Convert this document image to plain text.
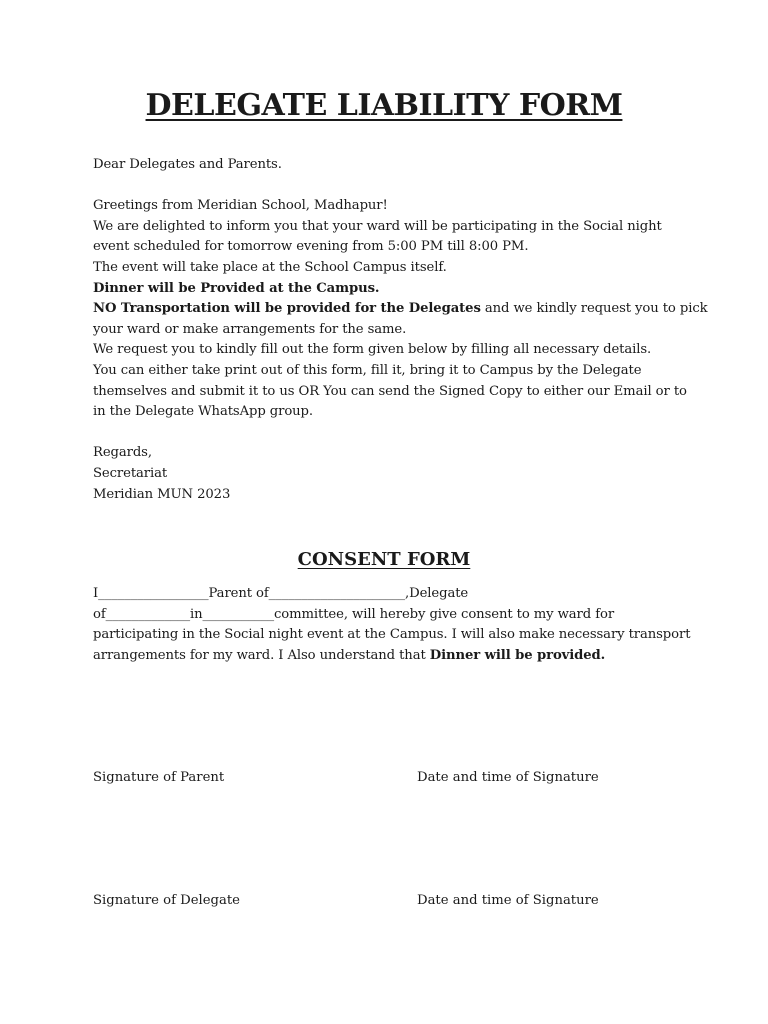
DELEGATE LIABILITY FORM
Dear Delegates and Parents.
Greetings from Meridian School, Madhapur!
We are delighted to inform you that your ward will be participating in the Social night
event scheduled for tomorrow evening from 5:00 PM till 8:00 PM.
The event will take place at the School Campus itself.
Dinner will be Provided at the Campus.
NO Transportation will be provided for the Delegates and we kindly request you to pick
your ward or make arrangements for the same.
We request you to kindly fill out the form given below by filling all necessary details.
You can either take print out of this form, fill it, bring it to Campus by the Delegate
themselves and submit it to us OR You can send the Signed Copy to either our Email or to
in the Delegate WhatsApp group.
Regards,
Secretariat
Meridian MUN 2023
CONSENT FORM
I_________________Parent of_____________________,Delegate
of_____________in___________committee, will hereby give consent to my ward for
participating in the Social night event at the Campus. I will also make necessary transport
arrangements for my ward. I Also understand that Dinner will be provided.
Signature of Parent	Date and time of Signature
Signature of Delegate	Date and time of Signature
